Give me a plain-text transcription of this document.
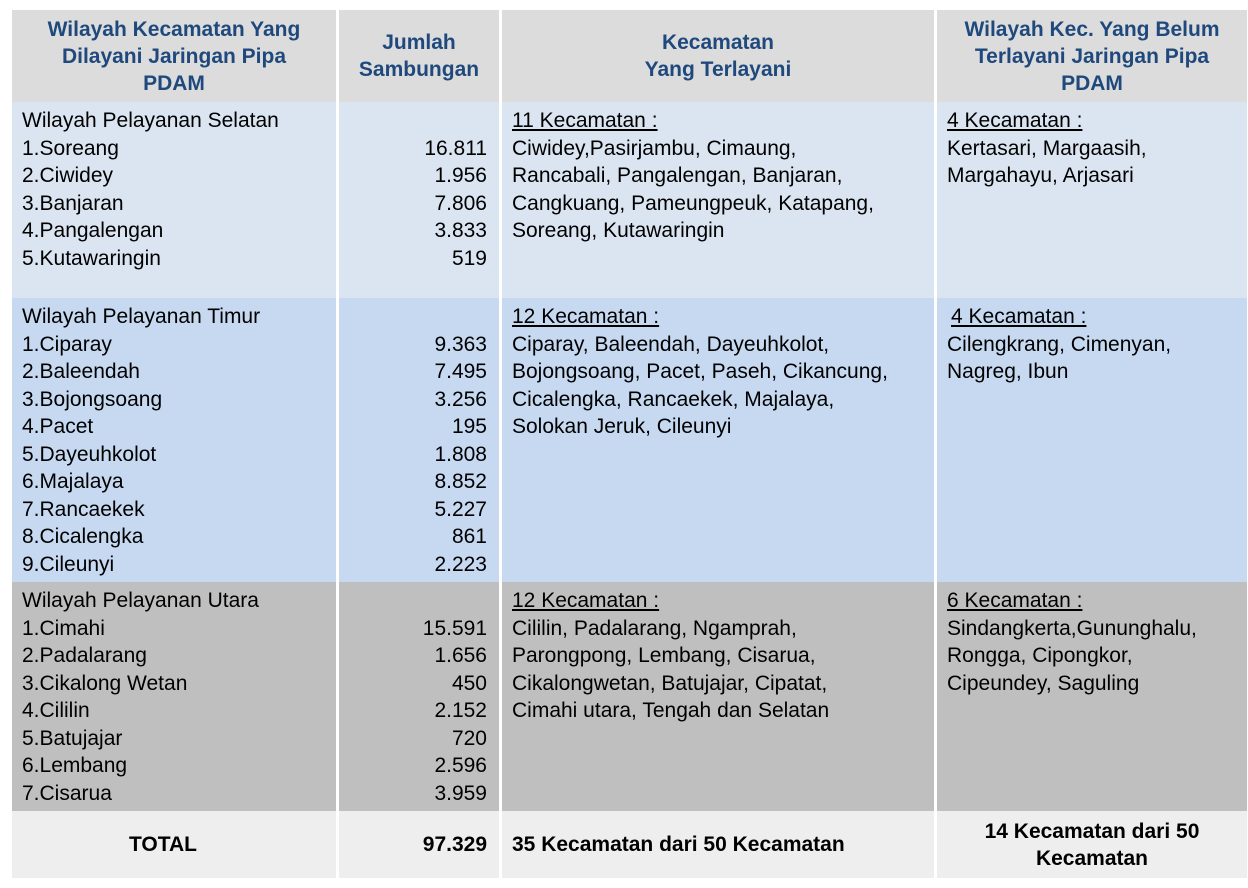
Wilayah Kecamatan Yang
Dilayani Jaringan Pipa
PDAM
Jumlah
Sambungan
Kecamatan
Yang Terlayani
Wilayah Kec. Yang Belum
Terlayani Jaringan Pipa
PDAM
Wilayah Pelayanan Selatan
1.Soreang
2.Ciwidey
3.Banjaran
4.Pangalengan
5.Kutawaringin

16.811
1.956
7.806
3.833
519
11 Kecamatan :
Ciwidey,Pasirjambu, Cimaung,
Rancabali, Pangalengan, Banjaran,
Cangkuang, Pameungpeuk, Katapang,
Soreang, Kutawaringin
4 Kecamatan :
Kertasari, Margaasih,
Margahayu, Arjasari
Wilayah Pelayanan Timur
1.Ciparay
2.Baleendah
3.Bojongsoang
4.Pacet
5.Dayeuhkolot
6.Majalaya
7.Rancaekek
8.Cicalengka
9.Cileunyi

9.363
7.495
3.256
195
1.808
8.852
5.227
861
2.223
12 Kecamatan :
Ciparay, Baleendah, Dayeuhkolot,
Bojongsoang, Pacet, Paseh, Cikancung,
Cicalengka, Rancaekek, Majalaya,
Solokan Jeruk, Cileunyi
4 Kecamatan :
Cilengkrang, Cimenyan,
Nagreg, Ibun
Wilayah Pelayanan Utara
1.Cimahi
2.Padalarang
3.Cikalong Wetan
4.Cililin
5.Batujajar
6.Lembang
7.Cisarua

15.591
1.656
450
2.152
720
2.596
3.959
12 Kecamatan :
Cililin, Padalarang, Ngamprah,
Parongpong, Lembang, Cisarua,
Cikalongwetan, Batujajar, Cipatat,
Cimahi utara, Tengah dan Selatan
6 Kecamatan :
Sindangkerta,Gununghalu,
Rongga, Cipongkor,
Cipeundey, Saguling
TOTAL	97.329	35 Kecamatan dari 50 Kecamatan
14 Kecamatan dari 50
Kecamatan
